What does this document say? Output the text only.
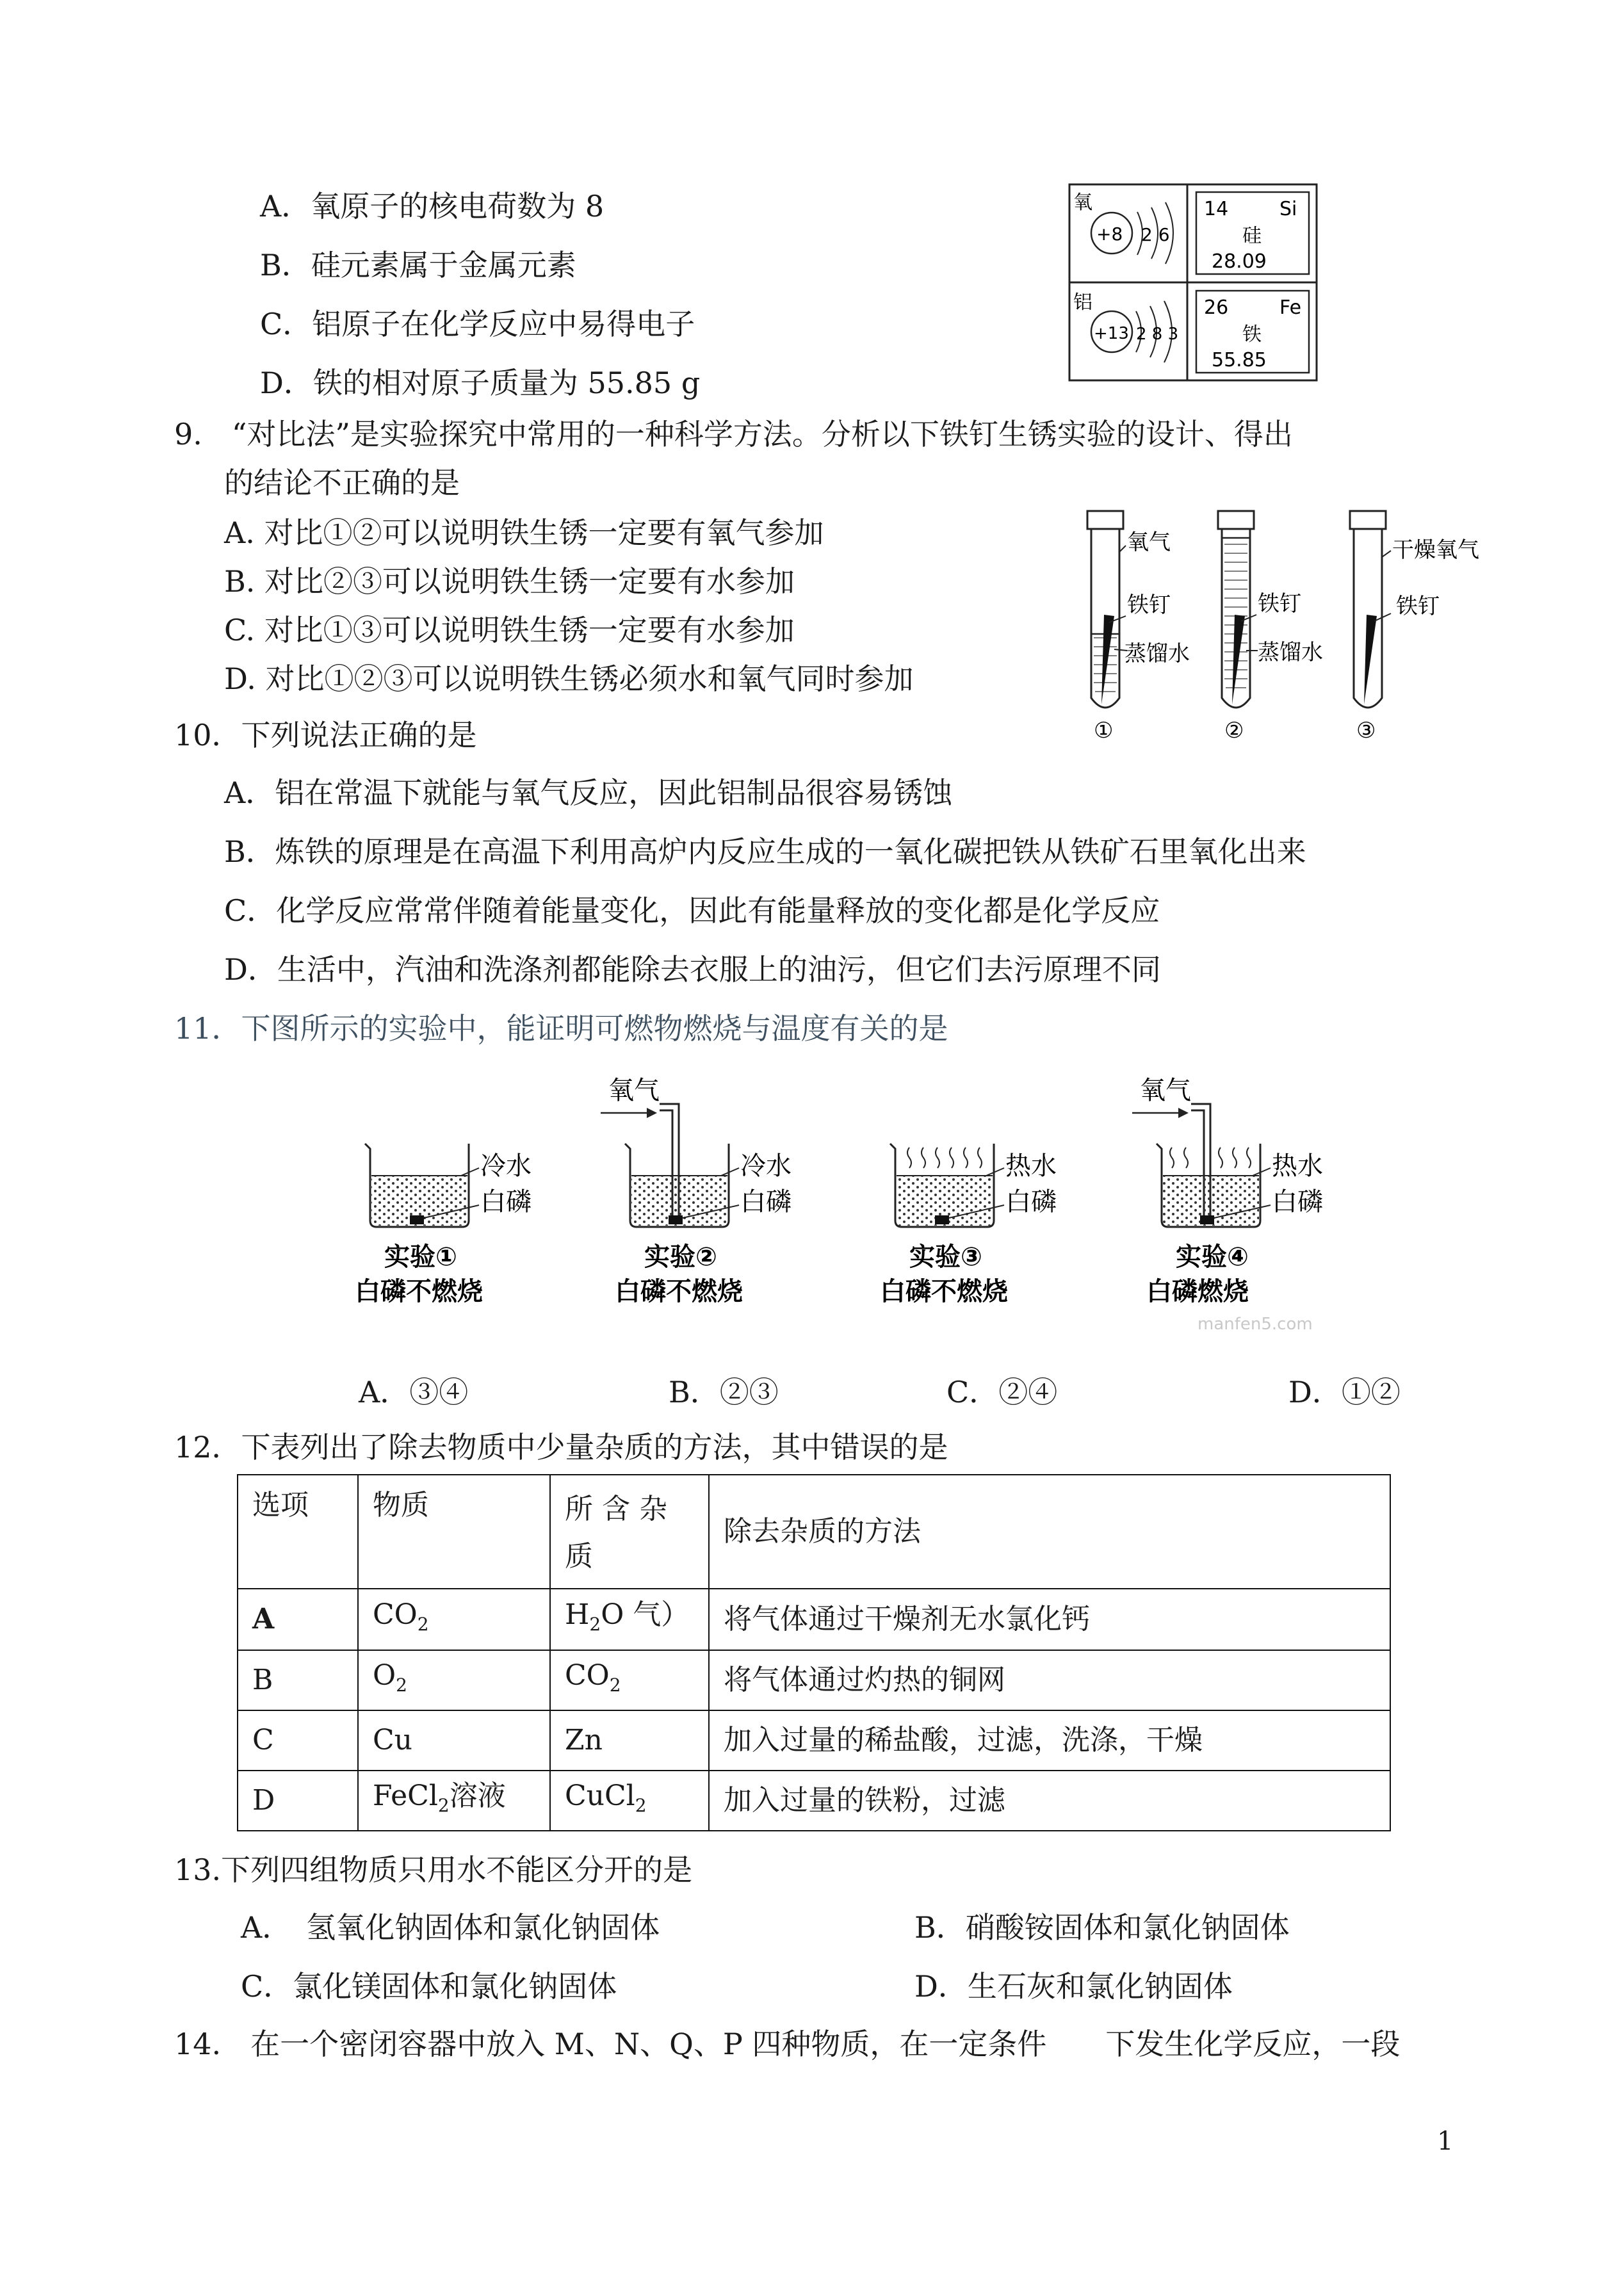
A．氧原子的核电荷数为 8
B．硅元素属于金属元素
C．铝原子在化学反应中易得电子
D．铁的相对原子质量为 55.85 g
氧
+8 2 6
铝
+13 2 8 3
14	Si
硅
28.09
26	Fe
铁
55.85
9.　“对比法”是实验探究中常用的一种科学方法。分析以下铁钉生锈实验的设计、得出
的结论不正确的是
A. 对比①②可以说明铁生锈一定要有氧气参加
B. 对比②③可以说明铁生锈一定要有水参加
C. 对比①③可以说明铁生锈一定要有水参加
D. 对比①②③可以说明铁生锈必须水和氧气同时参加
氧气
铁钉
蒸馏水
①
铁钉
蒸馏水
②
干燥氧气
铁钉
③
10．下列说法正确的是
A．铝在常温下就能与氧气反应，因此铝制品很容易锈蚀
B．炼铁的原理是在高温下利用高炉内反应生成的一氧化碳把铁从铁矿石里氧化出来
C．化学反应常常伴随着能量变化，因此有能量释放的变化都是化学反应
D．生活中，汽油和洗涤剂都能除去衣服上的油污，但它们去污原理不同
11．下图所示的实验中，能证明可燃物燃烧与温度有关的是
冷水
白磷
实验①
白磷不燃烧
氧气
冷水
白磷
实验②
白磷不燃烧
热水
白磷
实验③
白磷不燃烧
氧气
热水
白磷
实验④
白磷燃烧
manfen5.com
A．③④	B．②③	C．②④	D．①②
12．下表列出了除去物质中少量杂质的方法，其中错误的是
选项	物质	所 含 杂
质	除去杂质的方法
A	$CO_2$	$H_2O$ 气）	将气体通过干燥剂无水氯化钙
B	$O_2$	$CO_2$	将气体通过灼热的铜网
C	Cu	Zn	加入过量的稀盐酸，过滤，洗涤，干燥
D	FeCl$_2$溶液	CuCl$_2$	加入过量的铁粉，过滤
13.下列四组物质只用水不能区分开的是
A．　氢氧化钠固体和氯化钠固体	B．硝酸铵固体和氯化钠固体
C．氯化镁固体和氯化钠固体	D．生石灰和氯化钠固体
14.　在一个密闭容器中放入 M、N、Q、P 四种物质，在一定条件　　下发生化学反应，一段
1
